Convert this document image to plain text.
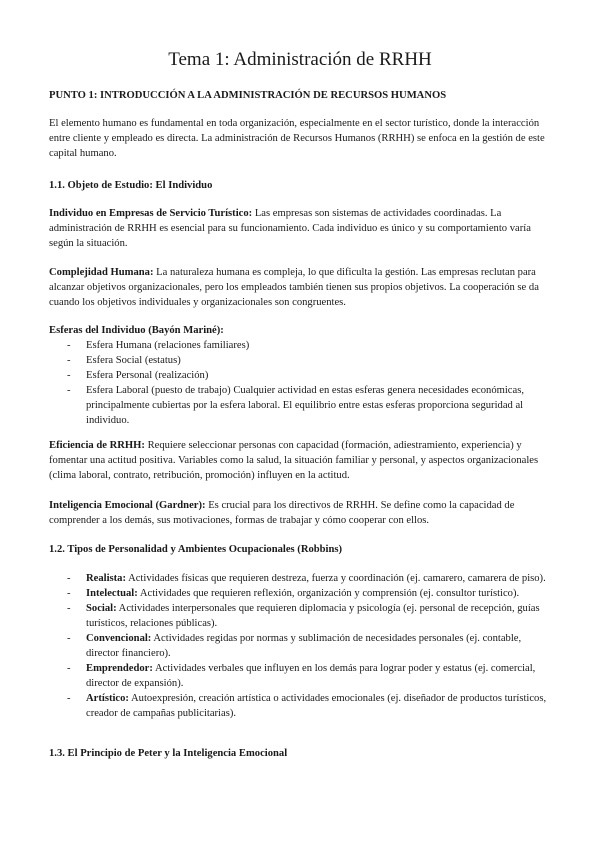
Tema 1: Administración de RRHH

PUNTO 1: INTRODUCCIÓN A LA ADMINISTRACIÓN DE RECURSOS HUMANOS

El elemento humano es fundamental en toda organización, especialmente en el sector turístico, donde la interacción entre cliente y empleado es directa. La administración de Recursos Humanos (RRHH) se enfoca en la gestión de este capital humano.

1.1. Objeto de Estudio: El Individuo

Individuo en Empresas de Servicio Turístico: Las empresas son sistemas de actividades coordinadas. La administración de RRHH es esencial para su funcionamiento. Cada individuo es único y su comportamiento varía según la situación.

Complejidad Humana: La naturaleza humana es compleja, lo que dificulta la gestión. Las empresas reclutan para alcanzar objetivos organizacionales, pero los empleados también tienen sus propios objetivos. La cooperación se da cuando los objetivos individuales y organizacionales son congruentes.

Esferas del Individuo (Bayón Mariné):
- Esfera Humana (relaciones familiares)
- Esfera Social (estatus)
- Esfera Personal (realización)
- Esfera Laboral (puesto de trabajo) Cualquier actividad en estas esferas genera necesidades económicas, principalmente cubiertas por la esfera laboral. El equilibrio entre estas esferas proporciona seguridad al individuo.

Eficiencia de RRHH: Requiere seleccionar personas con capacidad (formación, adiestramiento, experiencia) y fomentar una actitud positiva. Variables como la salud, la situación familiar y personal, y aspectos organizacionales (clima laboral, contrato, retribución, promoción) influyen en la actitud.

Inteligencia Emocional (Gardner): Es crucial para los directivos de RRHH. Se define como la capacidad de comprender a los demás, sus motivaciones, formas de trabajar y cómo cooperar con ellos.

1.2. Tipos de Personalidad y Ambientes Ocupacionales (Robbins)

- Realista: Actividades físicas que requieren destreza, fuerza y coordinación (ej. camarero, camarera de piso).
- Intelectual: Actividades que requieren reflexión, organización y comprensión (ej. consultor turístico).
- Social: Actividades interpersonales que requieren diplomacia y psicología (ej. personal de recepción, guías turísticos, relaciones públicas).
- Convencional: Actividades regidas por normas y sublimación de necesidades personales (ej. contable, director financiero).
- Emprendedor: Actividades verbales que influyen en los demás para lograr poder y estatus (ej. comercial, director de expansión).
- Artístico: Autoexpresión, creación artística o actividades emocionales (ej. diseñador de productos turísticos, creador de campañas publicitarias).

1.3. El Principio de Peter y la Inteligencia Emocional
